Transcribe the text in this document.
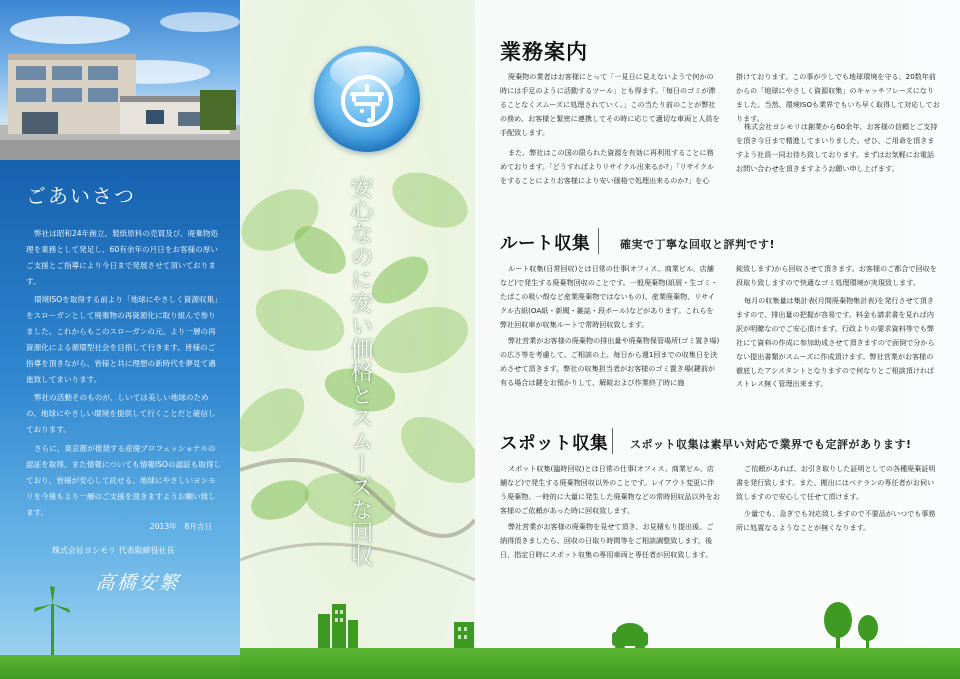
ごあいさつ

弊社は昭和24年創立、製紙原料の売買及び、廃棄物処理を業務として発足し、60有余年の月日をお客様の厚いご支援とご指導により今日まで発展させて頂いております。

環境ISOを取得する前より「地球にやさしく資源収集」をスローガンとして廃棄物の再資源化に取り組んで参りました。これからもこのスローガンの元、より一層の再資源化による循環型社会を目指して行きます。皆様のご指導を頂きながら、皆様と共に理想の新時代を夢見て邁進致してまいります。

弊社の活動そのものが、しいては美しい地球のための、地球にやさしい環境を提供して行くことだと確信しております。

さらに、東京都が推奨する産廃プロフェッショナルの認証を取得、また情報についても情報ISOの認証も取得しており、皆様が安心して託せる、地球にやさしいヨシモリを今後もより一層のご支援を頂きますようお願い致します。

2013年　8月吉日
株式会社ヨシモリ 代表取締役社長
高橋安繁
安心なのに安い価格とスムーズな回収
業務案内

廃棄物の業者はお客様にとって「一見日に見えないようで何かの時には手足のように活動するツール」とも得ます。「毎日のゴミが滞ることなくスムーズに処理されていく。」この当たり前のことが弊社の務め、お客様と緊密に連携してその時に応じて適切な車両と人員を手配致します。

また、弊社はこの国の限られた資源を有効に再利用することに務めております。「どうすればよりリサイクル出来るか?」「リサイクルをすることによりお客様により安い価格で処理出来るのか?」を心

掛けております。この事が少しでも地球環境を守る、20数年前からの「地球にやさしく資源収集」のキャッチフレーズになりました。当然、環境ISOも業界でもいち早く取得して対応しております。

株式会社ヨシモリは創業から60余年、お客様の信頼とご支持を頂き今日まで精進してまいりました。ぜひ、ご用命を頂きますよう社員一同お待ち致しております。まずはお気軽にお電話お問い合わせを頂きますようお願い申し上げます。

ルート収集	確実で丁寧な回収と評判です!

ルート収集(日常回収)とは日常の仕事(オフィス、商業ビル、店舗など)で発生する廃棄物回収のことです。一般廃棄物(紙屑・生ゴミ・たばこの吸い殻など産業廃棄物ではないもの)、産業廃棄物、リサイクル古紙(OA紙・新聞・雑誌・段ボール)などがあります。これらを弊社回収車が収集ルートで常時回収致します。

弊社営業がお客様の廃棄物の排出量や廃棄物保管場所(ゴミ置き場)の広さ等を考慮して、ご相談の上、毎日から週1回までの収集日を決めさせて頂きます。弊社の収集担当者がお客様のゴミ置き場(鍵前が有る場合は鍵をお預かりして、解錠および作業終了時に施

錠致します)から回収させて頂きます。お客様のご都合で回収を段取り致しますので快適なゴミ処理環境が実現致します。

毎月の収集量は集計表(月間廃棄物集計表)を発行させて頂きますので、排出量の把握が容易です。料金も請求書を見れば内訳が明瞭なのでご安心頂けます。行政よりの要求資料等でも弊社にて資料の作成に参加助成させて頂きますので面倒で分からない提出書類がスムーズに作成頂けます。弊社営業がお客様の徹底したアシスタントとなりますので何なりとご相談頂ければストレス無く管理出来ます。

スポット収集 スポット収集は素早い対応で業界でも定評があります!

スポット収集(臨時回収)とは日常の仕事(オフィス、商業ビル、店舗など)で発生する廃棄物回収以外のことです。レイアウト変更に伴う廃棄物、一時的に大量に発生した廃棄物などの常時回収品以外をお客様のご依頼があった時に回収致します。

弊社営業がお客様の廃棄物を見せて頂き、お見積もり提出後、ご納得頂きましたら、回収の日取り時間等をご相談調整致します。後日、指定日時にスポット収集の専用車両と専任者が回収致します。

ご依頼があれば、お引き取りした証明としての各種廃棄証明書を発行致します。また、搬出にはベテランの専任者がお伺い致しますので安心して任せて頂けます。

少量でも、急ぎでも対応致しますので不要品がいつでも事務所に処置なるようなことが無くなります。
